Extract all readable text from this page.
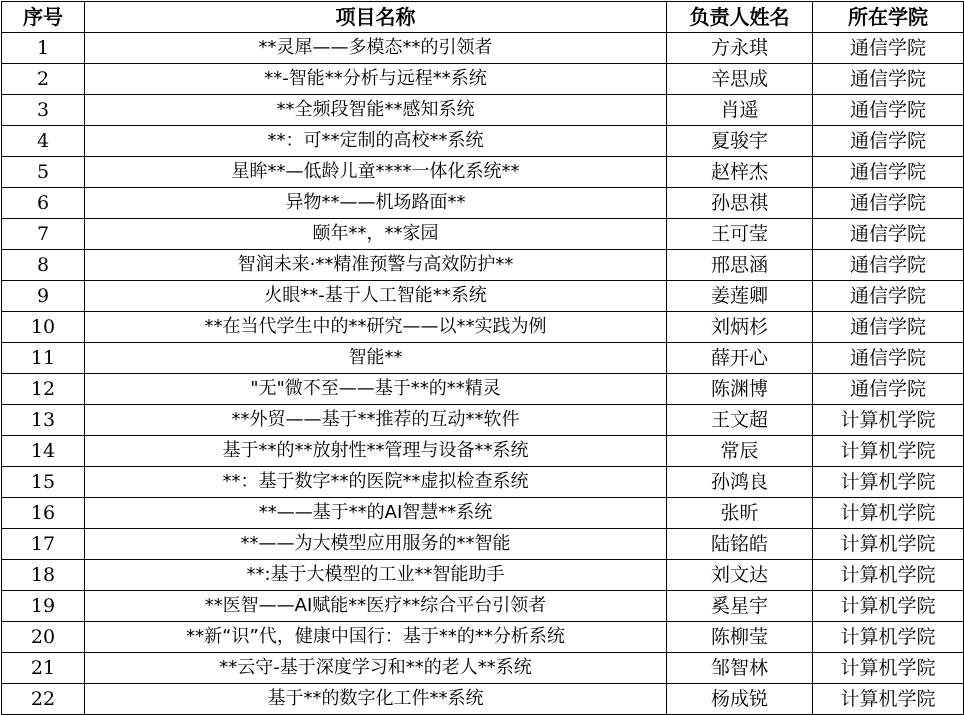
序号	项目名称	负责人姓名	所在学院
1	**灵犀——多模态**的引领者	方永琪	通信学院
2	**-智能**分析与远程**系统	辛思成	通信学院
3	**全频段智能**感知系统	肖遥	通信学院
4	**：可**定制的高校**系统	夏骏宇	通信学院
5	星眸**—低龄儿童****一体化系统**	赵梓杰	通信学院
6	异物**——机场路面**	孙思祺	通信学院
7	颐年**，**家园	王可莹	通信学院
8	智润未来·**精准预警与高效防护**	邢思涵	通信学院
9	火眼**-基于人工智能**系统	姜莲卿	通信学院
10	**在当代学生中的**研究——以**实践为例	刘炳杉	通信学院
11	智能**	薛开心	通信学院
12	"无"微不至——基于**的**精灵	陈渊博	通信学院
13	**外贸——基于**推荐的互动**软件	王文超	计算机学院
14	基于**的**放射性**管理与设备**系统	常辰	计算机学院
15	**：基于数字**的医院**虚拟检查系统	孙鸿良	计算机学院
16	**——基于**的AI智慧**系统	张昕	计算机学院
17	**——为大模型应用服务的**智能	陆铭皓	计算机学院
18	**:基于大模型的工业**智能助手	刘文达	计算机学院
19	**医智——AI赋能**医疗**综合平台引领者	奚星宇	计算机学院
20	**新“识”代，健康中国行：基于**的**分析系统	陈柳莹	计算机学院
21	**云守-基于深度学习和**的老人**系统	邹智林	计算机学院
22	基于**的数字化工件**系统	杨成锐	计算机学院
